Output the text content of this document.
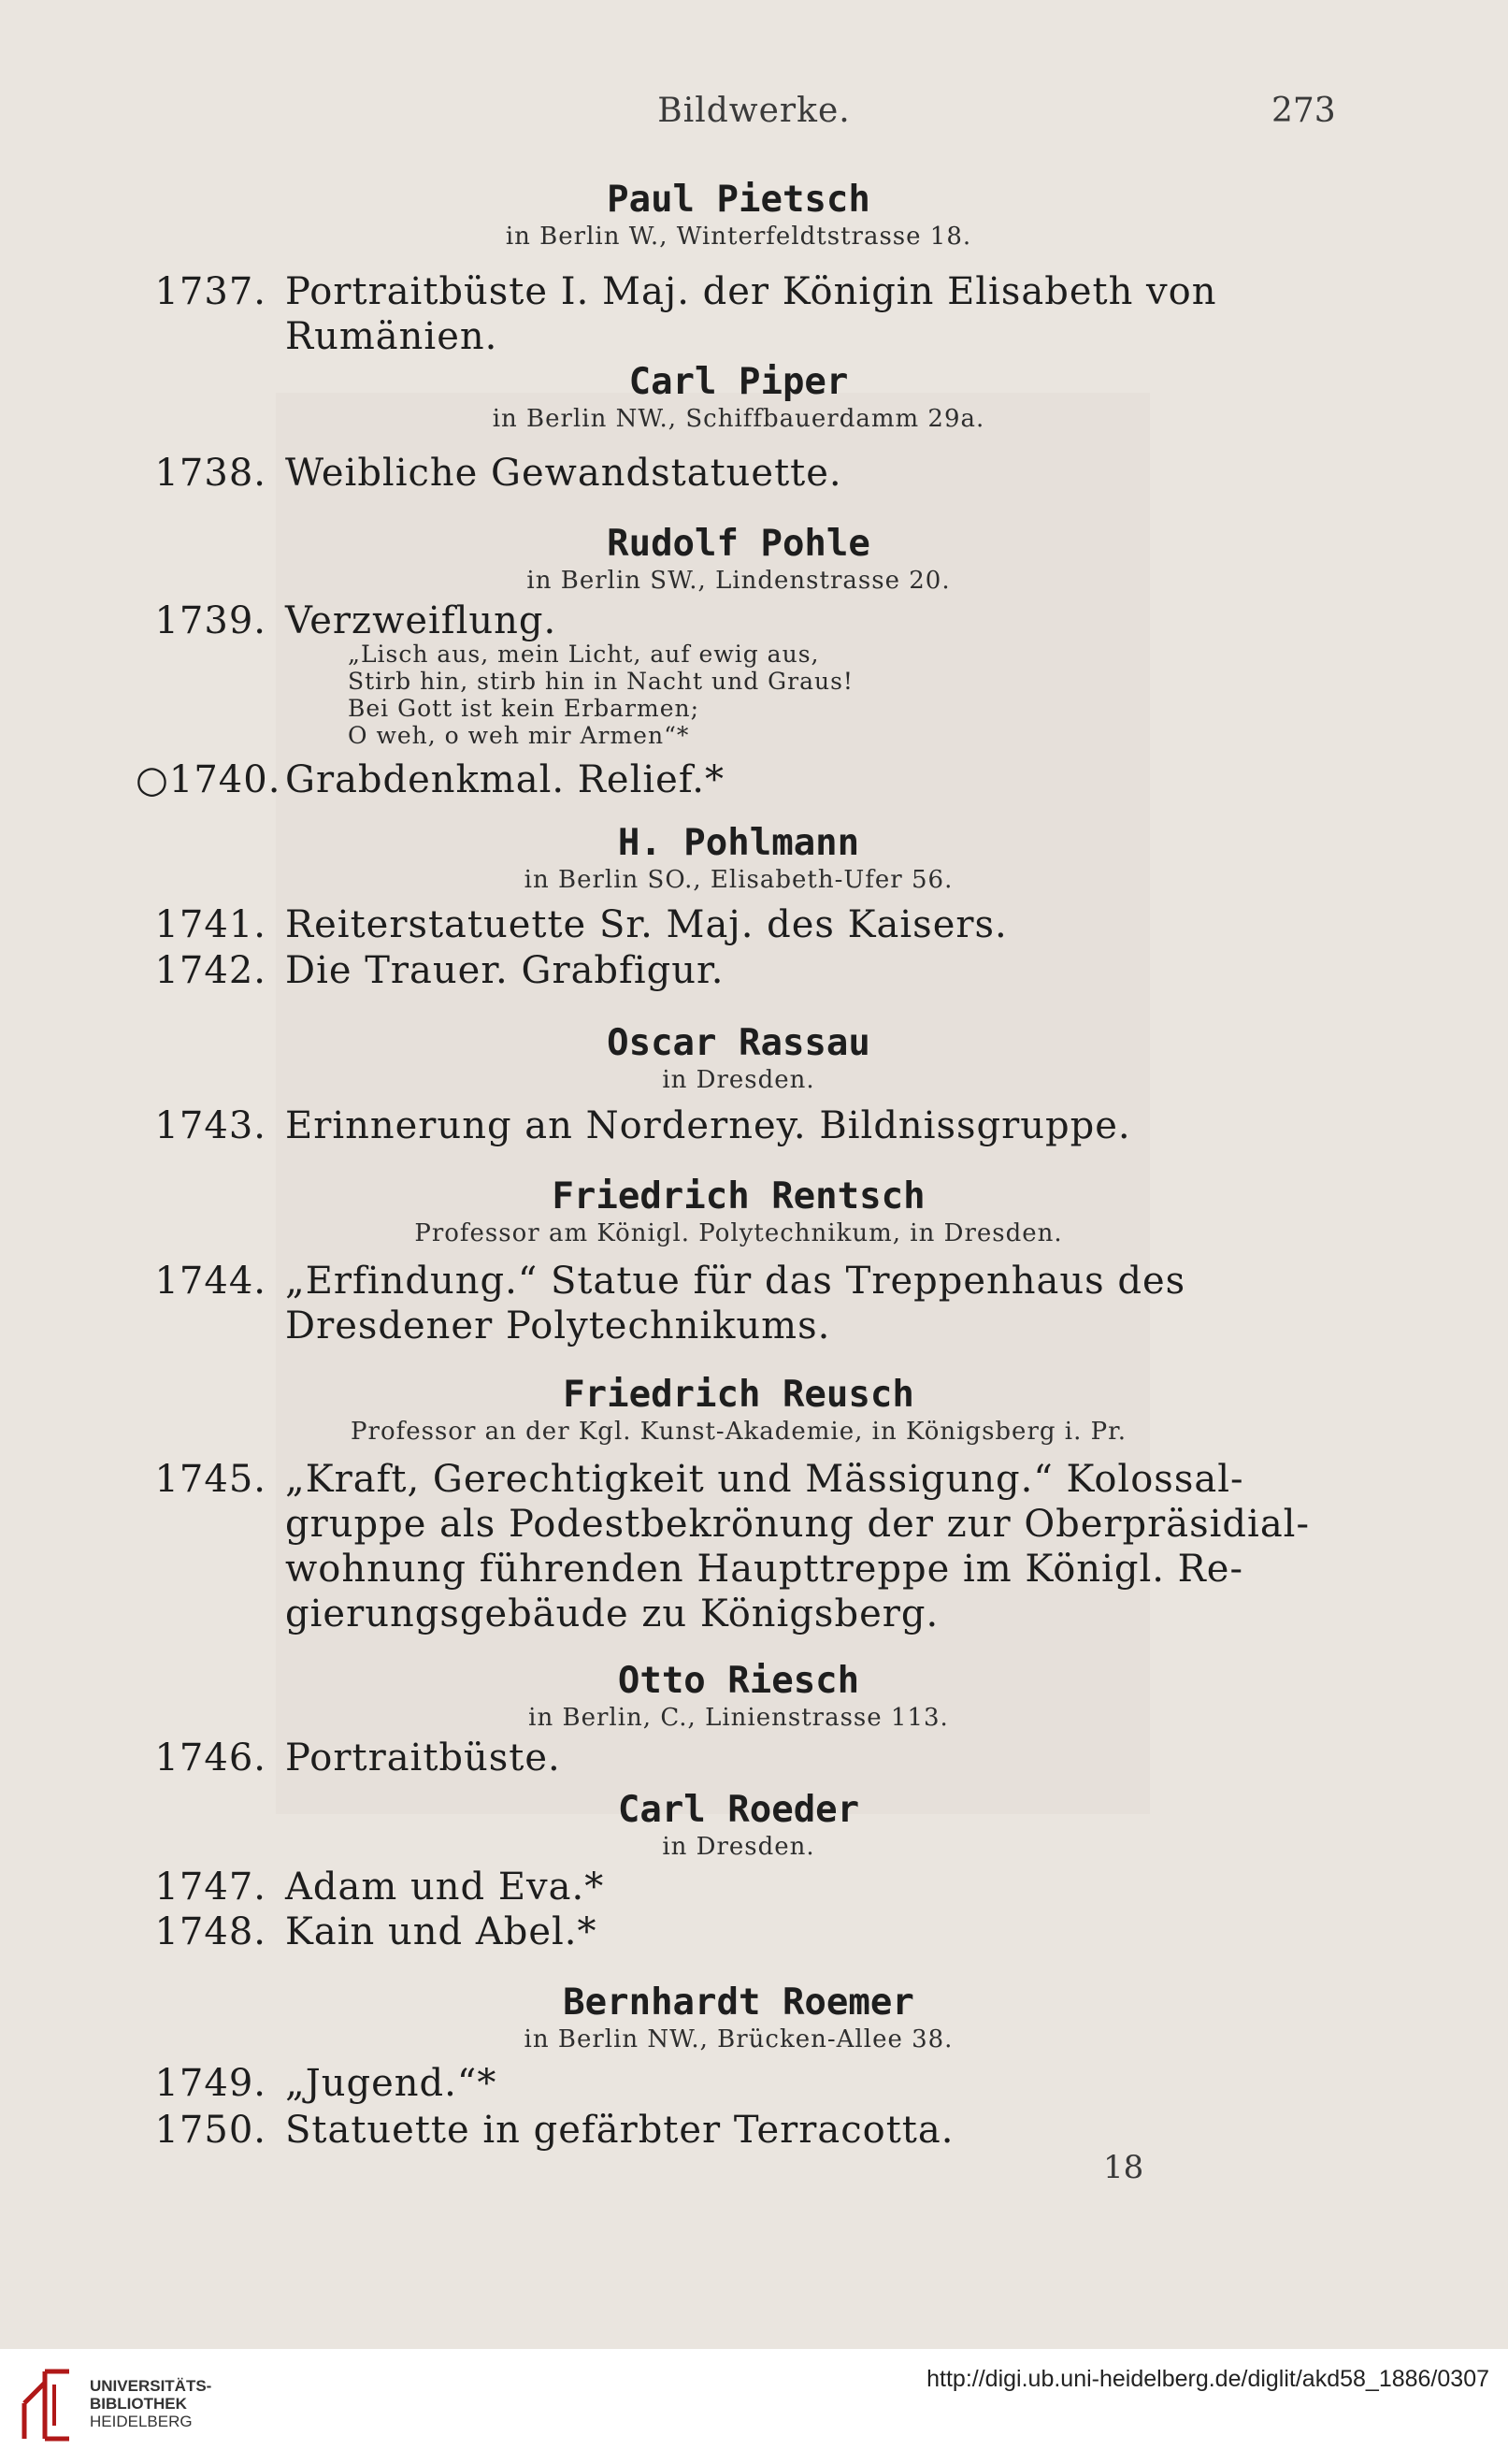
Bildwerke.	273
Paul Pietsch
in Berlin W., Winterfeldtstrasse 18.
1737. Portraitbüste I. Maj. der Königin Elisabeth von
Rumänien.
Carl Piper
in Berlin NW., Schiffbauerdamm 29a.
1738. Weibliche Gewandstatuette.
Rudolf Pohle
in Berlin SW., Lindenstrasse 20.
1739. Verzweiflung.
„Lisch aus, mein Licht, auf ewig aus,
Stirb hin, stirb hin in Nacht und Graus!
Bei Gott ist kein Erbarmen;
O weh, o weh mir Armen“*
○1740. Grabdenkmal. Relief.*
H. Pohlmann
in Berlin SO., Elisabeth-Ufer 56.
1741. Reiterstatuette Sr. Maj. des Kaisers.
1742. Die Trauer. Grabfigur.
Oscar Rassau
in Dresden.
1743. Erinnerung an Norderney. Bildnissgruppe.
Friedrich Rentsch
Professor am Königl. Polytechnikum, in Dresden.
1744. „Erfindung.“ Statue für das Treppenhaus des
Dresdener Polytechnikums.
Friedrich Reusch
Professor an der Kgl. Kunst-Akademie, in Königsberg i. Pr.
1745. „Kraft, Gerechtigkeit und Mässigung.“ Kolossal-
gruppe als Podestbekrönung der zur Oberpräsidial-
wohnung führenden Haupttreppe im Königl. Re-
gierungsgebäude zu Königsberg.
Otto Riesch
in Berlin, C., Linienstrasse 113.
1746. Portraitbüste.
Carl Roeder
in Dresden.
1747. Adam und Eva.*
1748. Kain und Abel.*
Bernhardt Roemer
in Berlin NW., Brücken-Allee 38.
1749. „Jugend.“*
1750. Statuette in gefärbter Terracotta.
18
UNIVERSITÄTS-
BIBLIOTHEK
HEIDELBERG
http://digi.ub.uni-heidelberg.de/diglit/akd58_1886/0307
